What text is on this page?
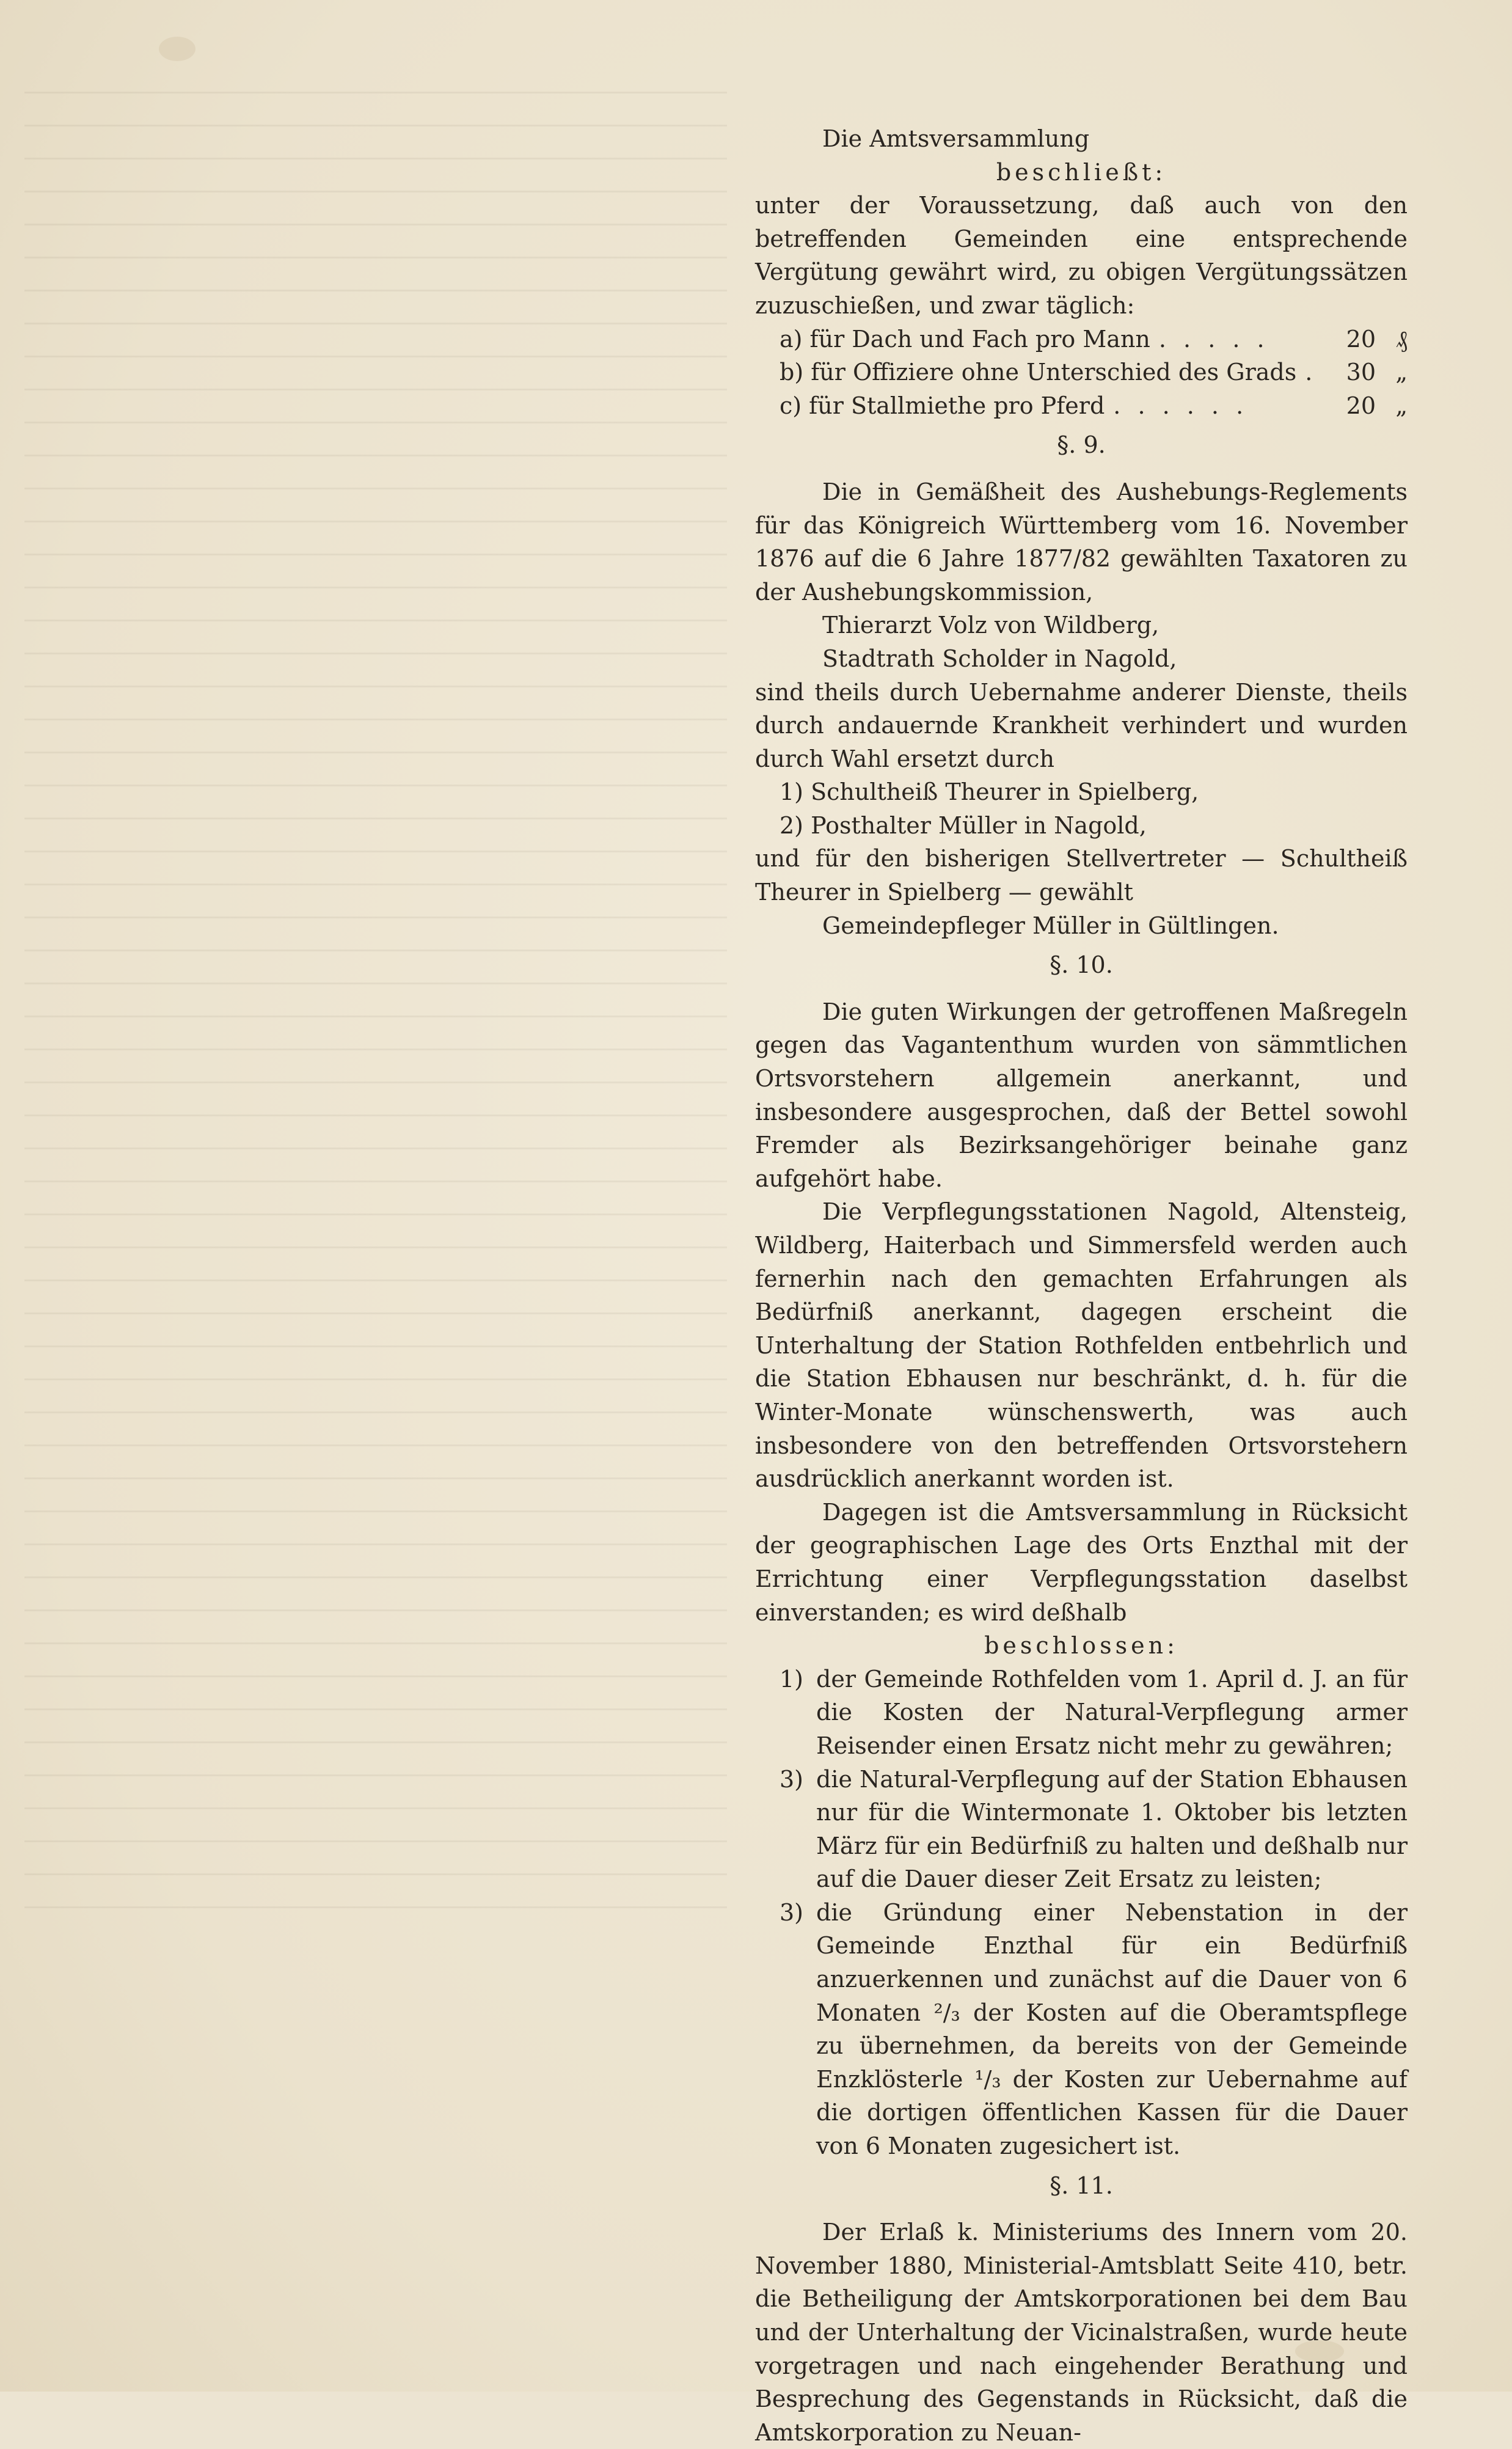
Die Amtsversammlung

beschließt:

unter der Voraussetzung, daß auch von den betreffenden Gemeinden eine entsprechende Vergütung gewährt wird, zu obigen Vergütungssätzen zuzuschießen, und zwar täglich:

a) für Dach und Fach pro Mann . . . . .	20 ₰
b) für Offiziere ohne Unterschied des Grads .	30 „
c) für Stallmiethe pro Pferd . . . . . .	20 „

§. 9.

Die in Gemäßheit des Aushebungs-Reglements für das Königreich Württemberg vom 16. November 1876 auf die 6 Jahre 1877/82 gewählten Taxatoren zu der Aushebungskommission,

Thierarzt Volz von Wildberg,

Stadtrath Scholder in Nagold,

sind theils durch Uebernahme anderer Dienste, theils durch andauernde Krankheit verhindert und wurden durch Wahl ersetzt durch

1) Schultheiß Theurer in Spielberg,

2) Posthalter Müller in Nagold,

und für den bisherigen Stellvertreter — Schultheiß Theurer in Spielberg — gewählt

Gemeindepfleger Müller in Gültlingen.

§. 10.

Die guten Wirkungen der getroffenen Maßregeln gegen das Vagantenthum wurden von sämmtlichen Ortsvorstehern allgemein anerkannt, und insbesondere ausgesprochen, daß der Bettel sowohl Fremder als Bezirksangehöriger beinahe ganz aufgehört habe.

Die Verpflegungsstationen Nagold, Altensteig, Wildberg, Haiterbach und Simmersfeld werden auch fernerhin nach den gemachten Erfahrungen als Bedürfniß anerkannt, dagegen erscheint die Unterhaltung der Station Rothfelden entbehrlich und die Station Ebhausen nur beschränkt, d. h. für die Winter-Monate wünschenswerth, was auch insbesondere von den betreffenden Ortsvorstehern ausdrücklich anerkannt worden ist.

Dagegen ist die Amtsversammlung in Rücksicht der geographischen Lage des Orts Enzthal mit der Errichtung einer Verpflegungsstation daselbst einverstanden; es wird deßhalb

beschlossen:

1) der Gemeinde Rothfelden vom 1. April d. J. an für die Kosten der Natural-Verpflegung armer Reisender einen Ersatz nicht mehr zu gewähren;
3) die Natural-Verpflegung auf der Station Ebhausen nur für die Wintermonate 1. Oktober bis letzten März für ein Bedürfniß zu halten und deßhalb nur auf die Dauer dieser Zeit Ersatz zu leisten;
3) die Gründung einer Nebenstation in der Gemeinde Enzthal für ein Bedürfniß anzuerkennen und zunächst auf die Dauer von 6 Monaten ²/₃ der Kosten auf die Oberamtspflege zu übernehmen, da bereits von der Gemeinde Enzklösterle ¹/₃ der Kosten zur Uebernahme auf die dortigen öffentlichen Kassen für die Dauer von 6 Monaten zugesichert ist.

§. 11.

Der Erlaß k. Ministeriums des Innern vom 20. November 1880, Ministerial-Amtsblatt Seite 410, betr. die Betheiligung der Amtskorporationen bei dem Bau und der Unterhaltung der Vicinalstraßen, wurde heute vorgetragen und nach eingehender Berathung und Besprechung des Gegenstands in Rücksicht, daß die Amtskorporation zu Neuan-
